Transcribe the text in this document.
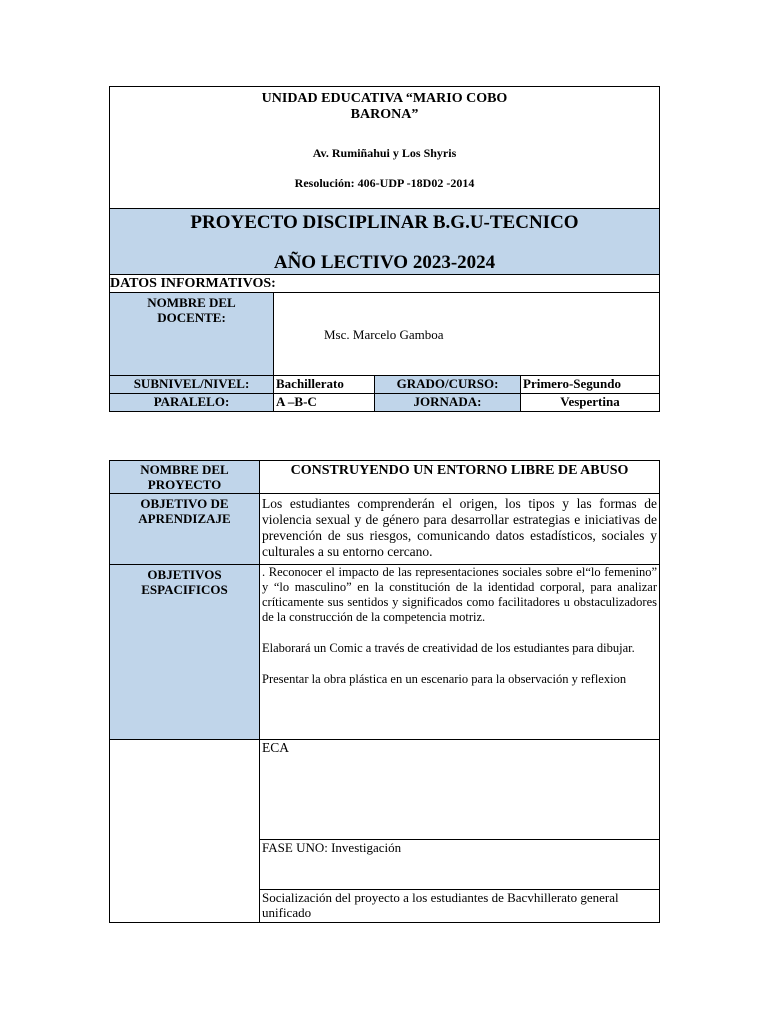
UNIDAD EDUCATIVA “MARIO COBO BARONA”
Av. Rumiñahui y Los Shyris
Resolución: 406-UDP -18D02 -2014			

PROYECTO DISCIPLINAR B.G.U-TECNICO
AÑO LECTIVO 2023-2024			

DATOS INFORMATIVOS:			
NOMBRE DEL DOCENTE:	Msc. Marcelo Gamboa		
SUBNIVEL/NIVEL:	Bachillerato	GRADO/CURSO:	Primero-Segundo
PARALELO:	A –B-C	JORNADA:	Vespertina
NOMBRE DEL PROYECTO	CONSTRUYENDO UN ENTORNO LIBRE DE ABUSO
OBJETIVO DE APRENDIZAJE	Los estudiantes comprenderán el origen, los tipos y las formas de violencia sexual y de género para desarrollar estrategias e iniciativas de prevención de sus riesgos, comunicando datos estadísticos, sociales y culturales a su entorno cercano.
OBJETIVOS ESPACIFICOS	. Reconocer el impacto de las representaciones sociales sobre el“lo femenino” y “lo masculino” en la constitución de la identidad corporal, para analizar críticamente sus sentidos y significados como facilitadores u obstaculizadores de la construcción de la competencia motriz.

Elaborará un Comic a través de creatividad de los estudiantes para dibujar.

Presentar la obra plástica en un escenario para la observación y reflexion

	ECA
	FASE UNO: Investigación
	Socialización del proyecto a los estudiantes de Bacvhillerato general unificado
